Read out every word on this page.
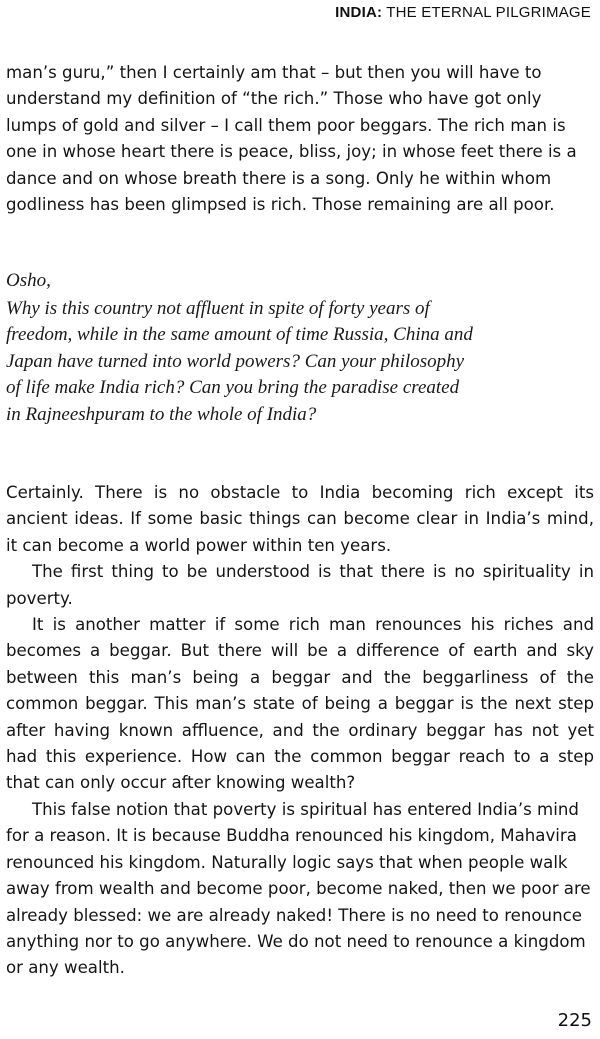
INDIA: THE ETERNAL PILGRIMAGE

man’s guru,” then I certainly am that – but then you will have to understand my definition of “the rich.” Those who have got only lumps of gold and silver – I call them poor beggars. The rich man is one in whose heart there is peace, bliss, joy; in whose feet there is a dance and on whose breath there is a song. Only he within whom godliness has been glimpsed is rich. Those remaining are all poor.

Osho,
Why is this country not affluent in spite of forty years of
freedom, while in the same amount of time Russia, China and
Japan have turned into world powers? Can your philosophy
of life make India rich? Can you bring the paradise created
in Rajneeshpuram to the whole of India?

Certainly. There is no obstacle to India becoming rich except its ancient ideas. If some basic things can become clear in India’s mind, it can become a world power within ten years.

The first thing to be understood is that there is no spirituality in poverty.

It is another matter if some rich man renounces his riches and becomes a beggar. But there will be a difference of earth and sky between this man’s being a beggar and the beggarliness of the common beggar. This man’s state of being a beggar is the next step after having known affluence, and the ordinary beggar has not yet had this experience. How can the common beggar reach to a step that can only occur after knowing wealth?

This false notion that poverty is spiritual has entered India’s mind for a reason. It is because Buddha renounced his kingdom, Mahavira renounced his kingdom. Naturally logic says that when people walk away from wealth and become poor, become naked, then we poor are already blessed: we are already naked! There is no need to renounce anything nor to go anywhere. We do not need to renounce a kingdom or any wealth.

225
